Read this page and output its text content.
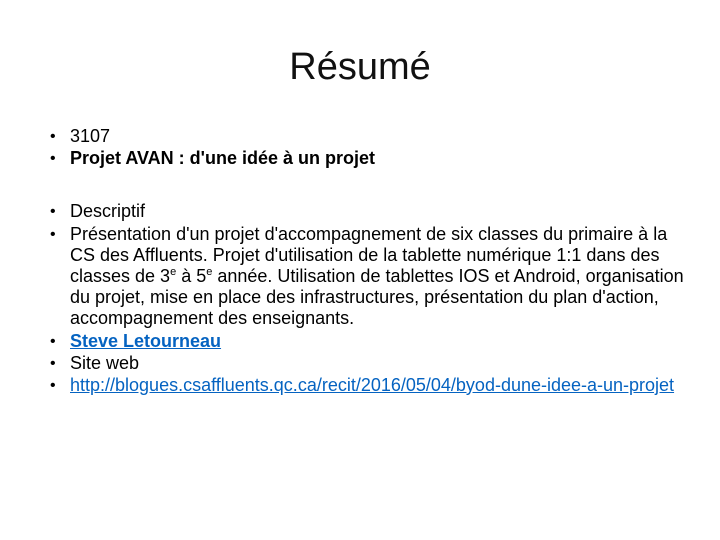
Résumé
• 3107
• Projet AVAN : d'une idée à un projet
• Descriptif
• Présentation d'un projet d'accompagnement de six classes du primaire à la CS des Affluents. Projet d'utilisation de la tablette numérique 1:1 dans des classes de 3e à 5e année. Utilisation de tablettes IOS et Android, organisation du projet, mise en place des infrastructures, présentation du plan d'action, accompagnement des enseignants.
• Steve Letourneau
• Site web
• http://blogues.csaffluents.qc.ca/recit/2016/05/04/byod-dune-idee-a-un-projet
